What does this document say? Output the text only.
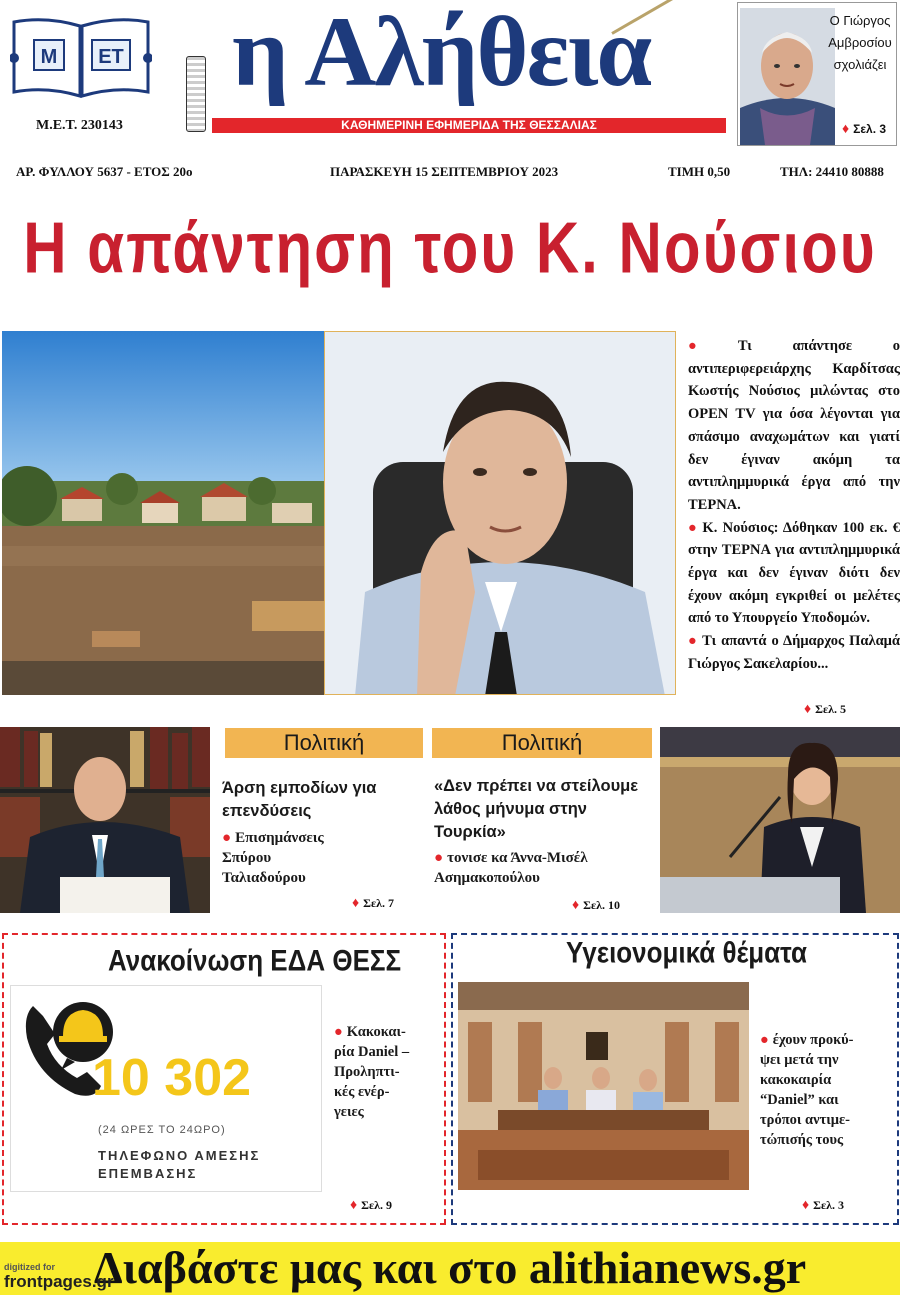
Μ ΕΤ
Μ.Ε.Τ. 230143
η Αλήθεια
ΚΑΘΗΜΕΡΙΝΗ ΕΦΗΜΕΡΙΔΑ ΤΗΣ ΘΕΣΣΑΛΙΑΣ
Ο Γιώργος
Αμβροσίου
σχολιάζει
♦ Σελ. 3
ΑΡ. ΦΥΛΛΟΥ 5637 - ΕΤΟΣ 20ο	ΠΑΡΑΣΚΕΥΗ 15 ΣΕΠΤΕΜΒΡΙΟΥ 2023	ΤΙΜΗ 0,50	ΤΗΛ: 24410 80888
Η απάντηση του Κ. Νούσιου

● Τι απάντησε ο αντιπεριφερειάρχης Καρδίτσας Κωστής Νούσιος μιλώντας στο OPEN TV για όσα λέγονται για σπάσιμο αναχωμάτων και γιατί δεν έγιναν ακόμη τα αντιπλημμυρικά έργα από την ΤΕΡΝΑ.

● Κ. Νούσιος: Δόθηκαν 100 εκ. € στην ΤΕΡΝΑ για αντιπλημμυρικά έργα και δεν έγιναν διότι δεν έχουν ακόμη εγκριθεί οι μελέτες από το Υπουργείο Υποδομών.

● Τι απαντά ο Δήμαρχος Παλαμά Γιώργος Σακελαρίου...

♦ Σελ. 5
Πολιτική
Άρση εμποδίων για επενδύσεις
● Επισημάνσεις
Σπύρου
Ταλιαδούρου
♦ Σελ. 7
Πολιτική
«Δεν πρέπει να στείλουμε λάθος μήνυμα στην Τουρκία»
● τονισε κα Άννα-Μισέλ
Ασημακοπούλου
♦ Σελ. 10
Ανακοίνωση ΕΔΑ ΘΕΣΣ
10 302
(24 ΩΡΕΣ ΤΟ 24ΩΡΟ)
ΤΗΛΕΦΩΝΟ ΑΜΕΣΗΣ
ΕΠΕΜΒΑΣΗΣ
● Κακοκαι-
ρία Daniel –
Προληπτι-
κές ενέρ-
γειες
♦ Σελ. 9
Υγειονομικά θέματα
● έχουν προκύ-
ψει μετά την
κακοκαιρία
“Daniel” και
τρόποι αντιμε-
τώπισής τους
♦ Σελ. 3
Διαβάστε μας και στο alithianews.gr
digitized for
frontpages.gr
